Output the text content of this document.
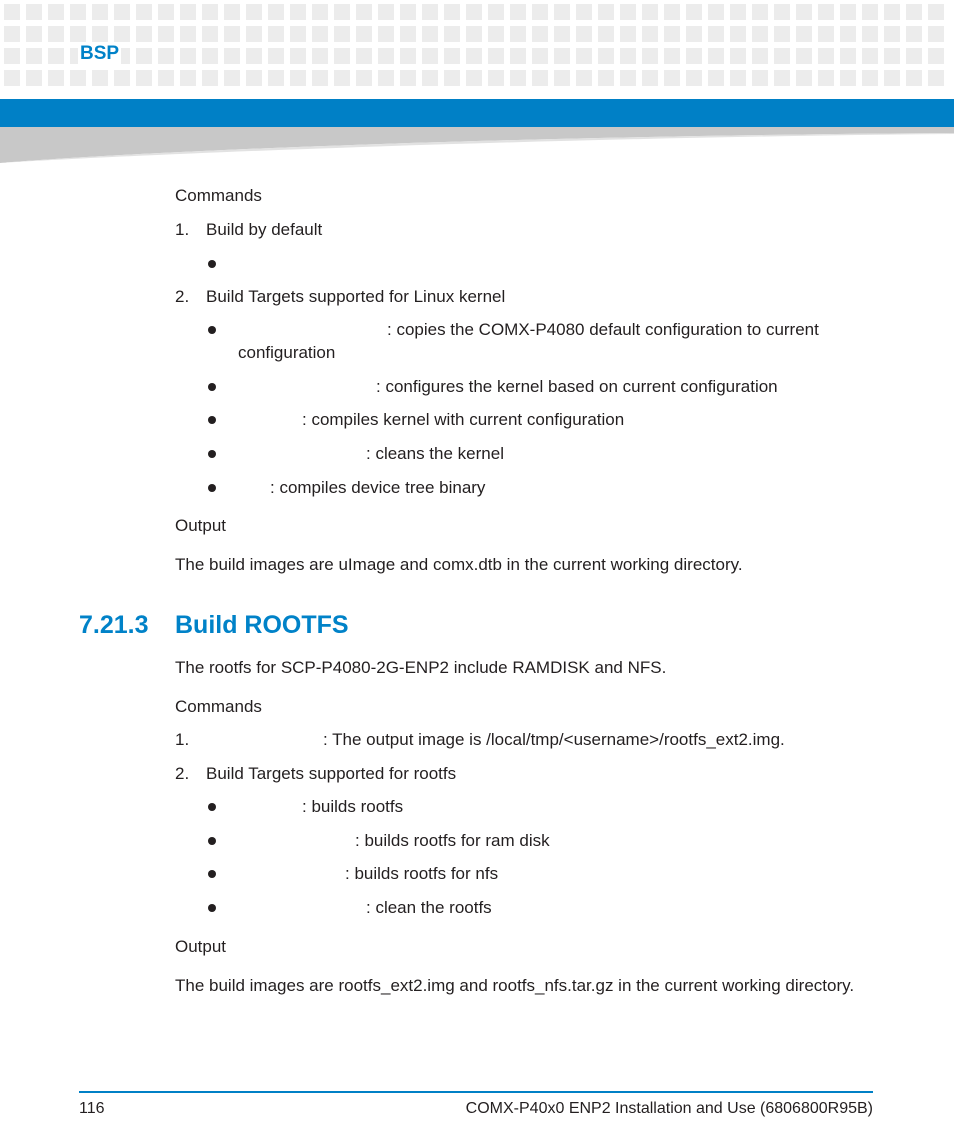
BSP
Commands
1. Build by default
2. Build Targets supported for Linux kernel
: copies the COMX-P4080 default configuration to current
configuration
: configures the kernel based on current configuration
: compiles kernel with current configuration
: cleans the kernel
: compiles device tree binary
Output
The build images are uImage and comx.dtb in the current working directory.
7.21.3 Build ROOTFS
The rootfs for SCP-P4080-2G-ENP2 include RAMDISK and NFS.
Commands
1.	: The output image is /local/tmp/<username>/rootfs_ext2.img.
2. Build Targets supported for rootfs
: builds rootfs
: builds rootfs for ram disk
: builds rootfs for nfs
: clean the rootfs
Output
The build images are rootfs_ext2.img and rootfs_nfs.tar.gz in the current working directory.
116	COMX-P40x0 ENP2 Installation and Use (6806800R95B)
